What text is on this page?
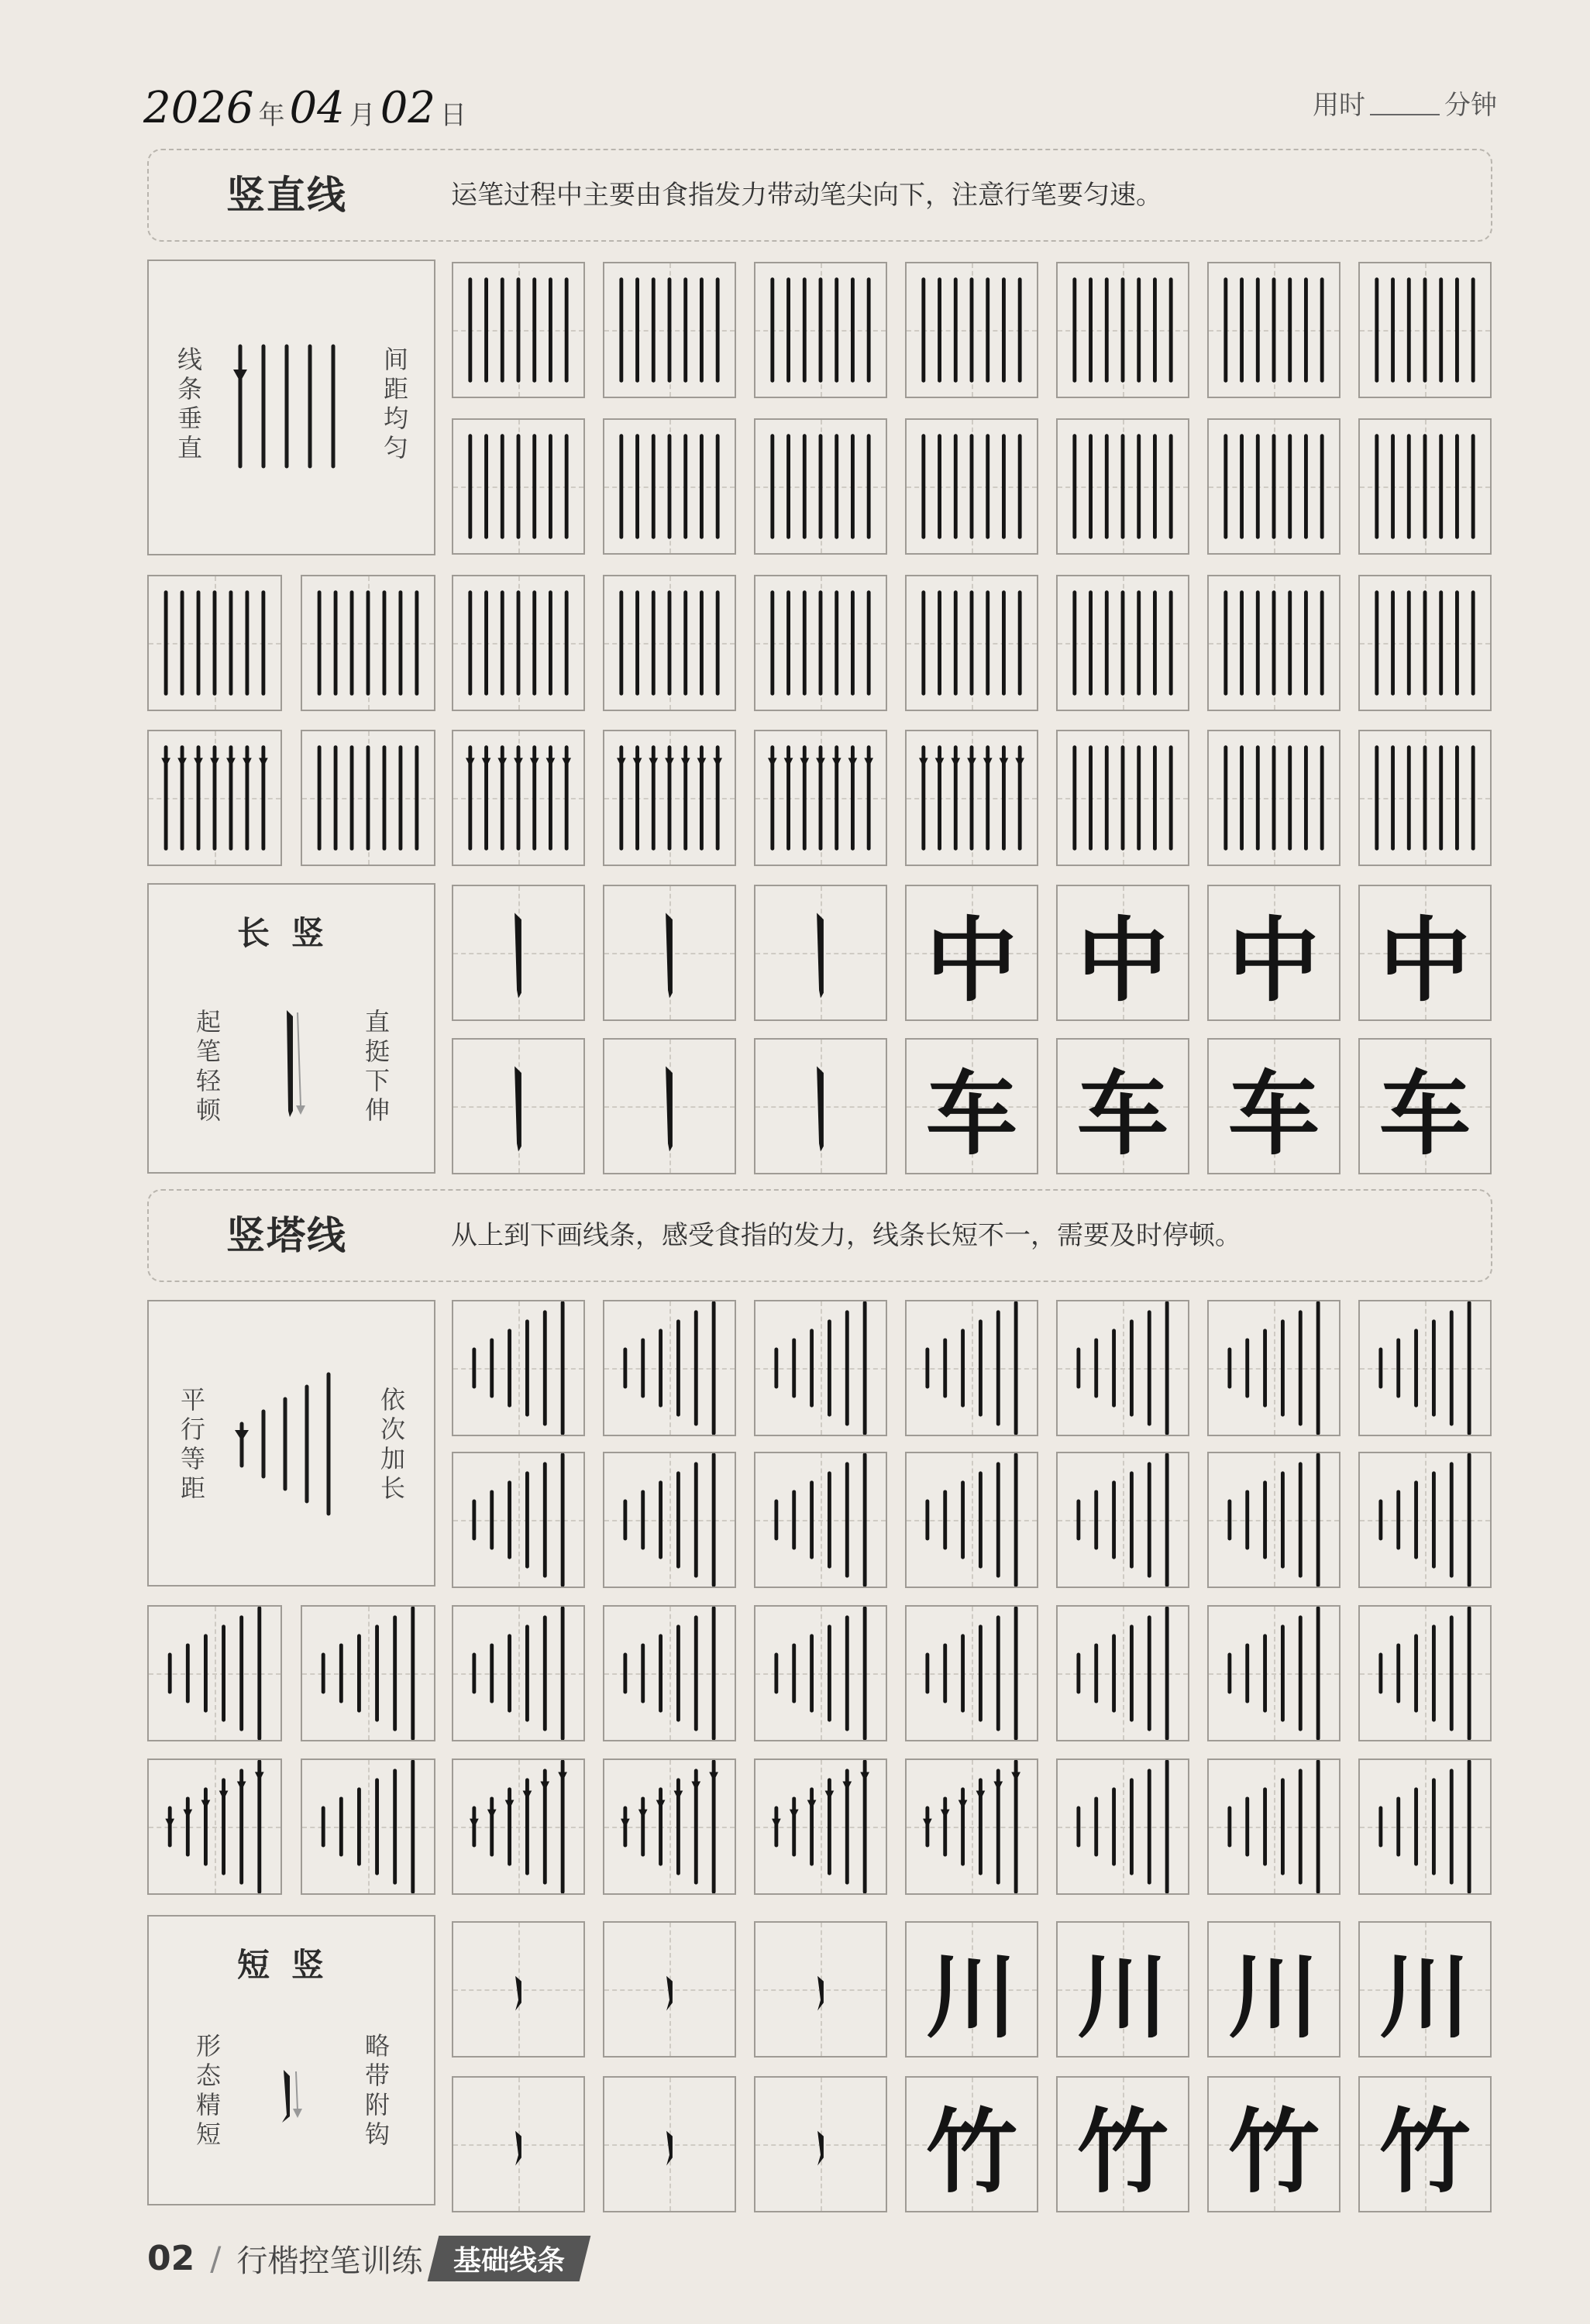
2026 年 04 月 02 日	用时	分钟
竖直线	运笔过程中主要由食指发力带动笔尖向下，注意行笔要匀速。
线条垂直	间距均匀
长竖
起笔轻顿	直挺下伸
竖塔线	从上到下画线条，感受食指的发力，线条长短不一，需要及时停顿。
平行等距	依次加长
短竖
形态精短	略带附钩
中 中 中 中
车 车 车 车
川 川 川 川
竹 竹 竹 竹
02 / 行楷控笔训练	基础线条
